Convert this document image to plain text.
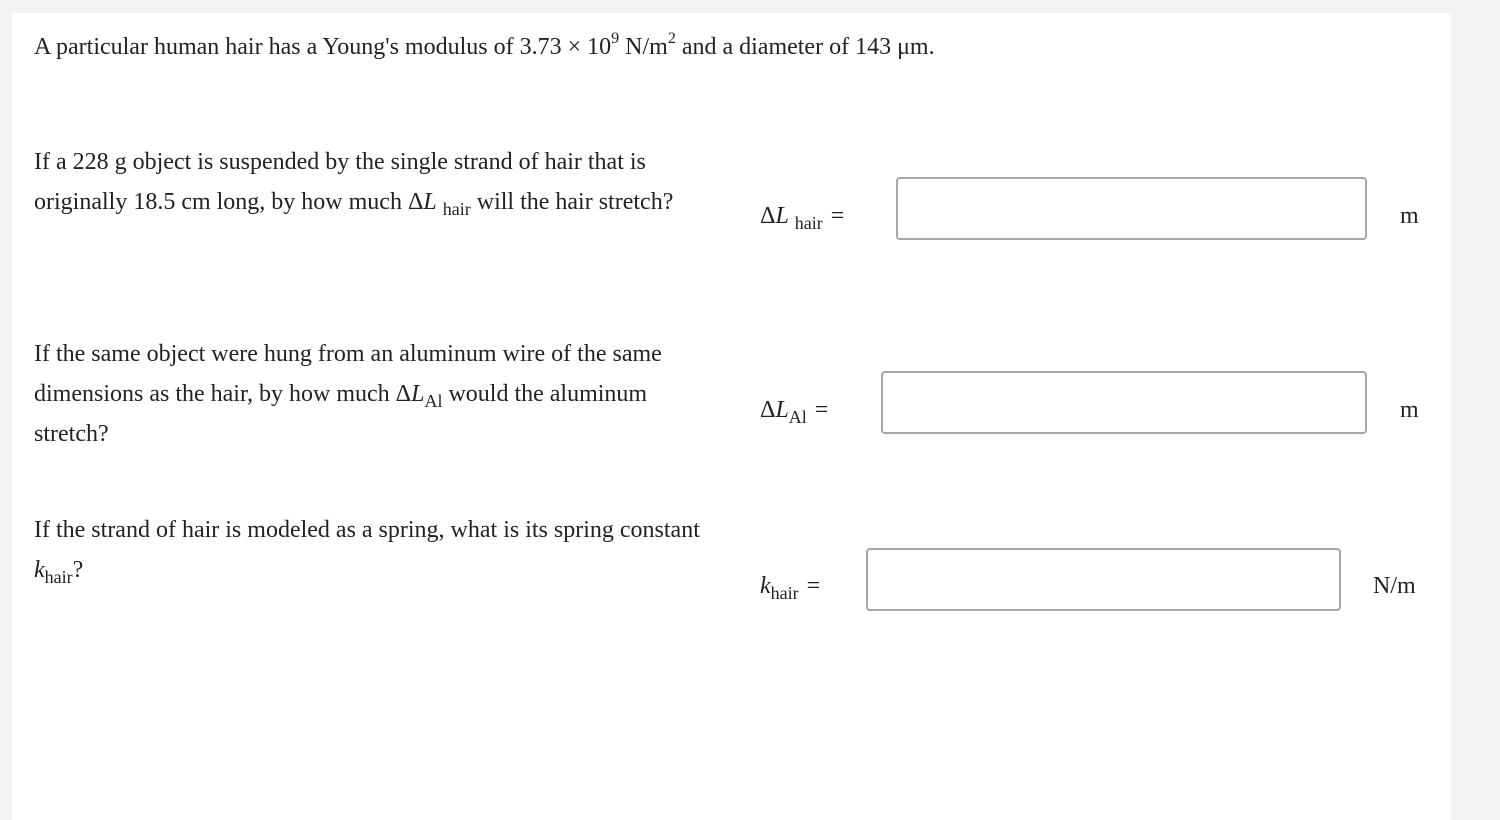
A particular human hair has a Young's modulus of $3.73 \times 10^9$ $N/m^2$ and a diameter of 143 μm.
If a 228 g object is suspended by the single strand of hair that is originally 18.5 cm long, by how much ΔL $_{hair}$ will the hair stretch?
ΔL $_{hair}$ =	m
If the same object were hung from an aluminum wire of the same dimensions as the hair, by how much $\Delta L_{Al}$ would the aluminum stretch?
$\Delta L_{Al}$ =	m
If the strand of hair is modeled as a spring, what is its spring constant $k_{hair}$?
$k_{hair}$ =	N/m
